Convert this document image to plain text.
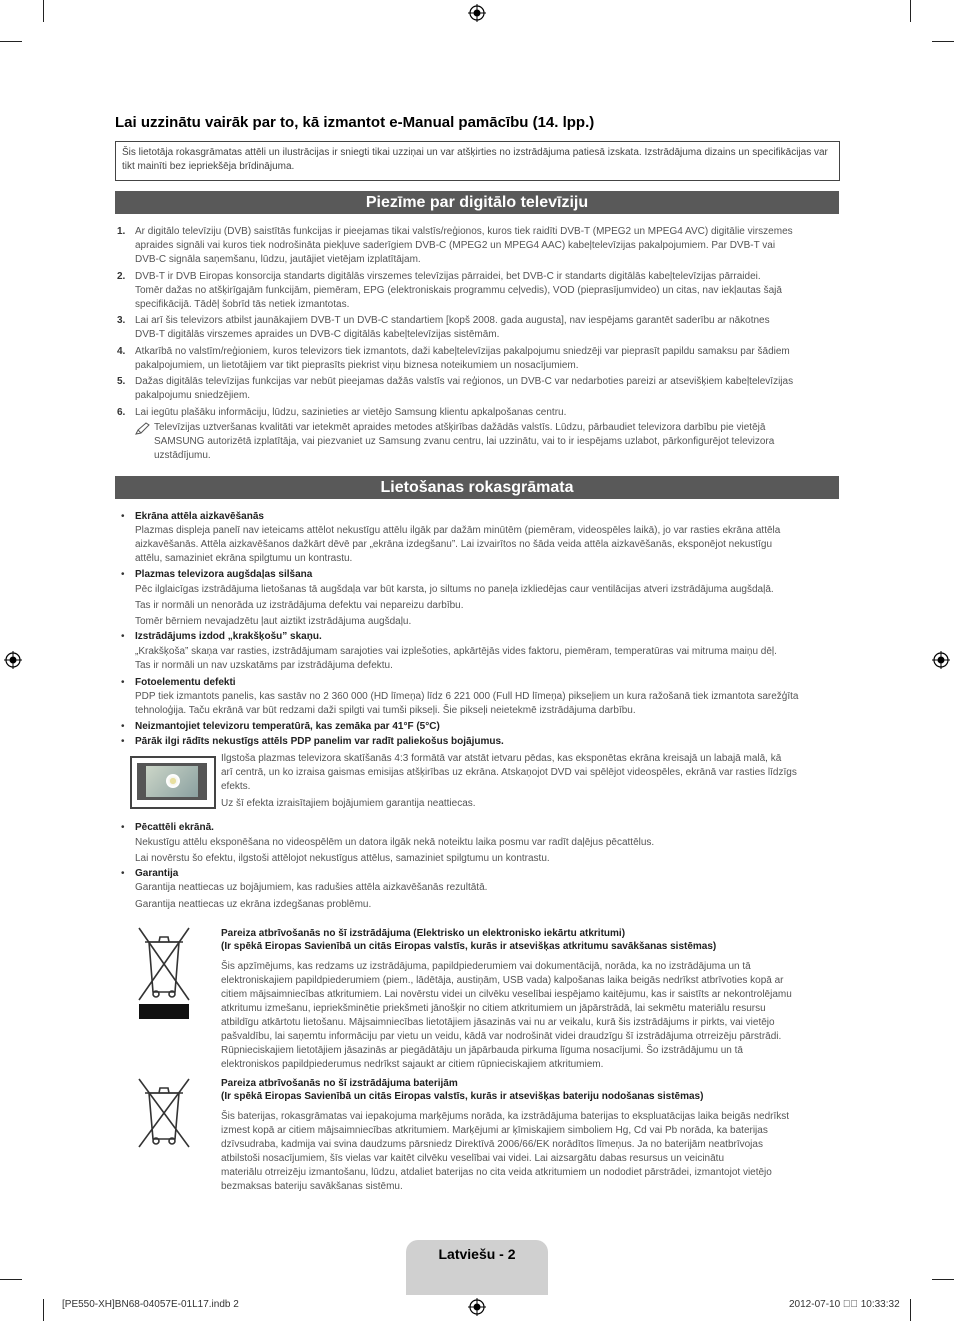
Lai uzzinātu vairāk par to, kā izmantot e-Manual pamācību (14. lpp.)
Šis lietotāja rokasgrāmatas attēli un ilustrācijas ir sniegti tikai uzziņai un var atšķirties no izstrādājuma patiesā izskata. Izstrādājuma dizains un specifikācijas var tikt mainīti bez iepriekšēja brīdinājuma.
Piezīme par digitālo televīziju
1. Ar digitālo televīziju (DVB) saistītās funkcijas ir pieejamas tikai valstīs/reģionos, kuros tiek raidīti DVB-T (MPEG2 un MPEG4 AVC) digitālie virszemes
apraides signāli vai kuros tiek nodrošināta piekļuve saderīgiem DVB-C (MPEG2 un MPEG4 AAC) kabeļtelevīzijas pakalpojumiem. Par DVB-T vai
DVB-C signāla saņemšanu, lūdzu, jautājiet vietējam izplatītājam.
2. DVB-T ir DVB Eiropas konsorcija standarts digitālās virszemes televīzijas pārraidei, bet DVB-C ir standarts digitālās kabeļtelevīzijas pārraidei.
Tomēr dažas no atšķirīgajām funkcijām, piemēram, EPG (elektroniskais programmu ceļvedis), VOD (pieprasījumvideo) un citas, nav iekļautas šajā
specifikācijā. Tādēļ šobrīd tās netiek izmantotas.
3. Lai arī šis televizors atbilst jaunākajiem DVB-T un DVB-C standartiem [kopš 2008. gada augusta], nav iespējams garantēt saderību ar nākotnes
DVB-T digitālās virszemes apraides un DVB-C digitālās kabeļtelevīzijas sistēmām.
4. Atkarībā no valstīm/reģioniem, kuros televizors tiek izmantots, daži kabeļtelevīzijas pakalpojumu sniedzēji var pieprasīt papildu samaksu par šādiem
pakalpojumiem, un lietotājiem var tikt pieprasīts piekrist viņu biznesa noteikumiem un nosacījumiem.
5. Dažas digitālās televīzijas funkcijas var nebūt pieejamas dažās valstīs vai reģionos, un DVB-C var nedarboties pareizi ar atsevišķiem kabeļtelevīzijas
pakalpojumu sniedzējiem.
6. Lai iegūtu plašāku informāciju, lūdzu, sazinieties ar vietējo Samsung klientu apkalpošanas centru.
Televīzijas uztveršanas kvalitāti var ietekmēt apraides metodes atšķirības dažādās valstīs. Lūdzu, pārbaudiet televizora darbību pie vietējā
SAMSUNG autorizētā izplatītāja, vai piezvaniet uz Samsung zvanu centru, lai uzzinātu, vai to ir iespējams uzlabot, pārkonfigurējot televizora
uzstādījumu.
Lietošanas rokasgrāmata
• Ekrāna attēla aizkavēšanās
Plazmas displeja panelī nav ieteicams attēlot nekustīgu attēlu ilgāk par dažām minūtēm (piemēram, videospēles laikā), jo var rasties ekrāna attēla
aizkavēšanās. Attēla aizkavēšanos dažkārt dēvē par „ekrāna izdegšanu”. Lai izvairītos no šāda veida attēla aizkavēšanās, eksponējot nekustīgu
attēlu, samaziniet ekrāna spilgtumu un kontrastu.
• Plazmas televizora augšdaļas silšana
Pēc ilglaicīgas izstrādājuma lietošanas tā augšdaļa var būt karsta, jo siltums no paneļa izkliedējas caur ventilācijas atveri izstrādājuma augšdaļā.
Tas ir normāli un nenorāda uz izstrādājuma defektu vai nepareizu darbību.
Tomēr bērniem nevajadzētu ļaut aiztikt izstrādājuma augšdaļu.
• Izstrādājums izdod „krakšķošu” skaņu.
„Krakšķoša” skaņa var rasties, izstrādājumam sarajoties vai izplešoties, apkārtējās vides faktoru, piemēram, temperatūras vai mitruma maiņu dēļ.
Tas ir normāli un nav uzskatāms par izstrādājuma defektu.
• Fotoelementu defekti
PDP tiek izmantots panelis, kas sastāv no 2 360 000 (HD līmeņa) līdz 6 221 000 (Full HD līmeņa) pikseļiem un kura ražošanā tiek izmantota sarežģīta
tehnoloģija. Taču ekrānā var būt redzami daži spilgti vai tumši pikseļi. Šie pikseļi neietekmē izstrādājuma darbību.
• Neizmantojiet televizoru temperatūrā, kas zemāka par 41°F (5°C)
• Pārāk ilgi rādīts nekustīgs attēls PDP panelim var radīt paliekošus bojājumus.
Ilgstoša plazmas televizora skatīšanās 4:3 formātā var atstāt ietvaru pēdas, kas eksponētas ekrāna kreisajā un labajā malā, kā
arī centrā, un ko izraisa gaismas emisijas atšķirības uz ekrāna. Atskaņojot DVD vai spēlējot videospēles, ekrānā var rasties līdzīgs
efekts.
Uz šī efekta izraisītajiem bojājumiem garantija neattiecas.
• Pēcattēli ekrānā.
Nekustīgu attēlu eksponēšana no videospēlēm un datora ilgāk nekā noteiktu laika posmu var radīt daļējus pēcattēlus.
Lai novērstu šo efektu, ilgstoši attēlojot nekustīgus attēlus, samaziniet spilgtumu un kontrastu.
• Garantija
Garantija neattiecas uz bojājumiem, kas radušies attēla aizkavēšanās rezultātā.
Garantija neattiecas uz ekrāna izdegšanas problēmu.
Pareiza atbrīvošanās no šī izstrādājuma (Elektrisko un elektronisko iekārtu atkritumi)
(Ir spēkā Eiropas Savienībā un citās Eiropas valstīs, kurās ir atsevišķas atkritumu savākšanas sistēmas)
Šis apzīmējums, kas redzams uz izstrādājuma, papildpiederumiem vai dokumentācijā, norāda, ka no izstrādājuma un tā
elektroniskajiem papildpiederumiem (piem., lādētāja, austiņām, USB vada) kalpošanas laika beigās nedrīkst atbrīvoties kopā ar
citiem mājsaimniecības atkritumiem. Lai novērstu videi un cilvēku veselībai iespējamo kaitējumu, kas ir saistīts ar nekontrolējamu
atkritumu izmešanu, iepriekšminētie priekšmeti jānošķir no citiem atkritumiem un jāpārstrādā, lai sekmētu materiālu resursu
atbildīgu atkārtotu lietošanu. Mājsaimniecības lietotājiem jāsazinās vai nu ar veikalu, kurā šis izstrādājums ir pirkts, vai vietējo
pašvaldību, lai saņemtu informāciju par vietu un veidu, kādā var nodrošināt videi draudzīgu šī izstrādājuma otrreizēju pārstrādi.
Rūpnieciskajiem lietotājiem jāsazinās ar piegādātāju un jāpārbauda pirkuma līguma nosacījumi. Šo izstrādājumu un tā
elektroniskos papildpiederumus nedrīkst sajaukt ar citiem rūpnieciskajiem atkritumiem.
Pareiza atbrīvošanās no šī izstrādājuma baterijām
(Ir spēkā Eiropas Savienībā un citās Eiropas valstīs, kurās ir atsevišķas bateriju nodošanas sistēmas)
Šis baterijas, rokasgrāmatas vai iepakojuma marķējums norāda, ka izstrādājuma baterijas to ekspluatācijas laika beigās nedrīkst
izmest kopā ar citiem mājsaimniecības atkritumiem. Marķējumi ar ķīmiskajiem simboliem Hg, Cd vai Pb norāda, ka baterijas
dzīvsudraba, kadmija vai svina daudzums pārsniedz Direktīvā 2006/66/EK norādītos līmeņus. Ja no baterijām neatbrīvojas
atbilstoši nosacījumiem, šīs vielas var kaitēt cilvēku veselībai vai videi. Lai aizsargātu dabas resursus un veicinātu
materiālu otrreizēju izmantošanu, lūdzu, atdaliet baterijas no cita veida atkritumiem un nododiet pārstrādei, izmantojot vietējo
bezmaksas bateriju savākšanas sistēmu.
Latviešu - 2
[PE550-XH]BN68-04057E-01L17.indb 2	2012-07-10 ￿￿ 10:33:32
